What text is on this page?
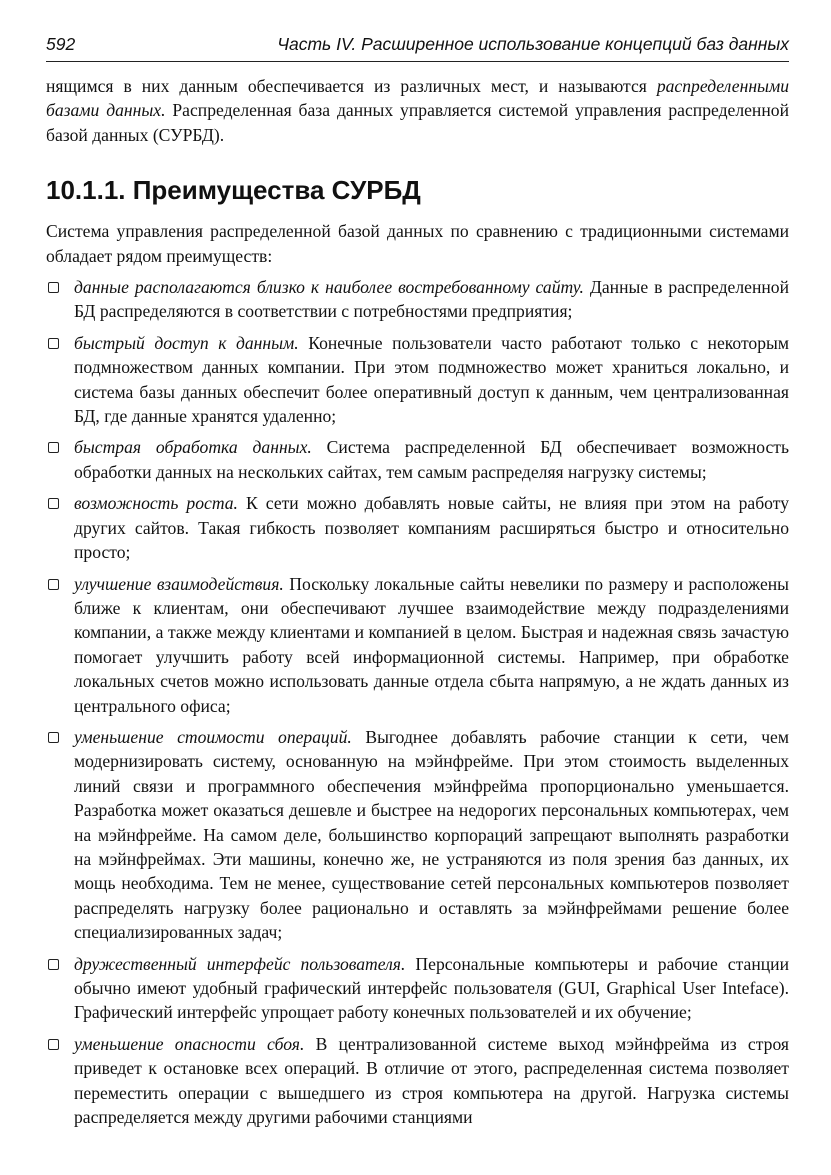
592	Часть IV. Расширенное использование концепций баз данных

нящимся в них данным обеспечивается из различных мест, и называются распределенными базами данных. Распределенная база данных управляется системой управления распределенной базой данных (СУРБД).

10.1.1. Преимущества СУРБД

Система управления распределенной базой данных по сравнению с традиционными системами обладает рядом преимуществ:

данные располагаются близко к наиболее востребованному сайту. Данные в распределенной БД распределяются в соответствии с потребностями предприятия;
быстрый доступ к данным. Конечные пользователи часто работают только с некоторым подмножеством данных компании. При этом подмножество может храниться локально, и система базы данных обеспечит более оперативный доступ к данным, чем централизованная БД, где данные хранятся удаленно;
быстрая обработка данных. Система распределенной БД обеспечивает возможность обработки данных на нескольких сайтах, тем самым распределяя нагрузку системы;
возможность роста. К сети можно добавлять новые сайты, не влияя при этом на работу других сайтов. Такая гибкость позволяет компаниям расширяться быстро и относительно просто;
улучшение взаимодействия. Поскольку локальные сайты невелики по размеру и расположены ближе к клиентам, они обеспечивают лучшее взаимодействие между подразделениями компании, а также между клиентами и компанией в целом. Быстрая и надежная связь зачастую помогает улучшить работу всей информационной системы. Например, при обработке локальных счетов можно использовать данные отдела сбыта напрямую, а не ждать данных из центрального офиса;
уменьшение стоимости операций. Выгоднее добавлять рабочие станции к сети, чем модернизировать систему, основанную на мэйнфрейме. При этом стоимость выделенных линий связи и программного обеспечения мэйнфрейма пропорционально уменьшается. Разработка может оказаться дешевле и быстрее на недорогих персональных компьютерах, чем на мэйнфрейме. На самом деле, большинство корпораций запрещают выполнять разработки на мэйнфреймах. Эти машины, конечно же, не устраняются из поля зрения баз данных, их мощь необходима. Тем не менее, существование сетей персональных компьютеров позволяет распределять нагрузку более рационально и оставлять за мэйнфреймами решение более специализированных задач;
дружественный интерфейс пользователя. Персональные компьютеры и рабочие станции обычно имеют удобный графический интерфейс пользователя (GUI, Graphical User Inteface). Графический интерфейс упрощает работу конечных пользователей и их обучение;
уменьшение опасности сбоя. В централизованной системе выход мэйнфрейма из строя приведет к остановке всех операций. В отличие от этого, распределенная система позволяет переместить операции с вышедшего из строя компьютера на другой. Нагрузка системы распределяется между другими рабочими станциями
